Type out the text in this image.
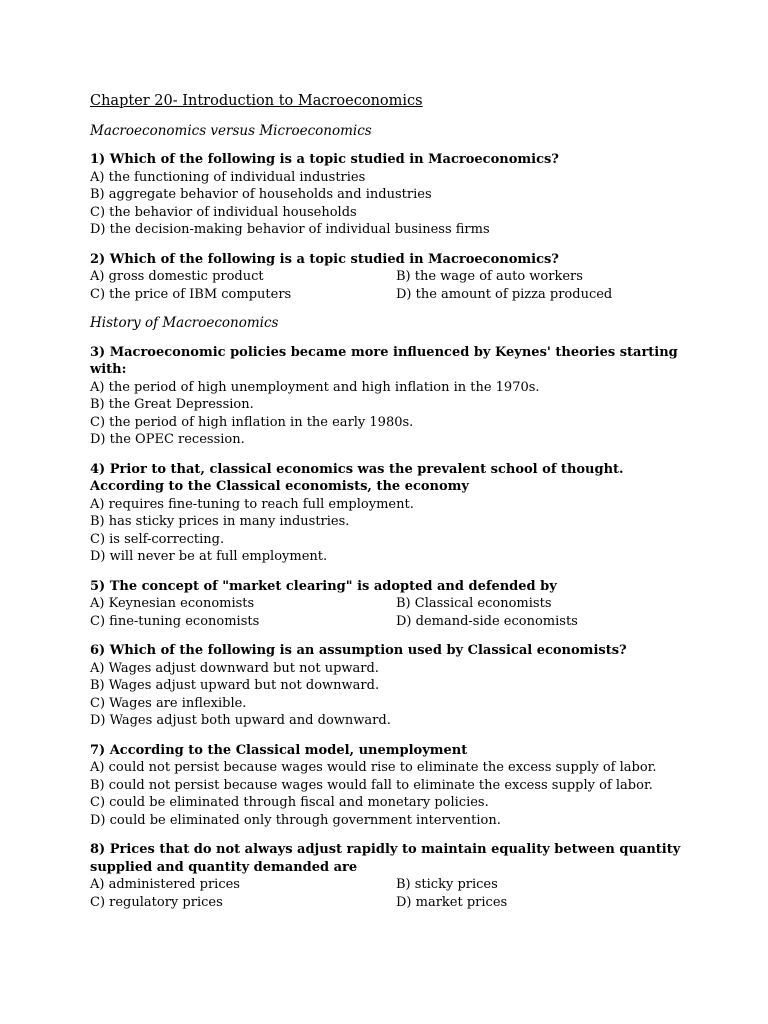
Chapter 20- Introduction to Macroeconomics
Macroeconomics versus Microeconomics
1) Which of the following is a topic studied in Macroeconomics?
A) the functioning of individual industries
B) aggregate behavior of households and industries
C) the behavior of individual households
D) the decision-making behavior of individual business firms
2) Which of the following is a topic studied in Macroeconomics?
A) gross domestic product	B) the wage of auto workers
C) the price of IBM computers	D) the amount of pizza produced
History of Macroeconomics
3) Macroeconomic policies became more influenced by Keynes' theories starting with:
A) the period of high unemployment and high inflation in the 1970s.
B) the Great Depression.
C) the period of high inflation in the early 1980s.
D) the OPEC recession.
4) Prior to that, classical economics was the prevalent school of thought. According to the Classical economists, the economy
A) requires fine-tuning to reach full employment.
B) has sticky prices in many industries.
C) is self-correcting.
D) will never be at full employment.
5) The concept of "market clearing" is adopted and defended by
A) Keynesian economists	B) Classical economists
C) fine-tuning economists	D) demand-side economists
6) Which of the following is an assumption used by Classical economists?
A) Wages adjust downward but not upward.
B) Wages adjust upward but not downward.
C) Wages are inflexible.
D) Wages adjust both upward and downward.
7) According to the Classical model, unemployment
A) could not persist because wages would rise to eliminate the excess supply of labor.
B) could not persist because wages would fall to eliminate the excess supply of labor.
C) could be eliminated through fiscal and monetary policies.
D) could be eliminated only through government intervention.
8) Prices that do not always adjust rapidly to maintain equality between quantity supplied and quantity demanded are
A) administered prices	B) sticky prices
C) regulatory prices	D) market prices
